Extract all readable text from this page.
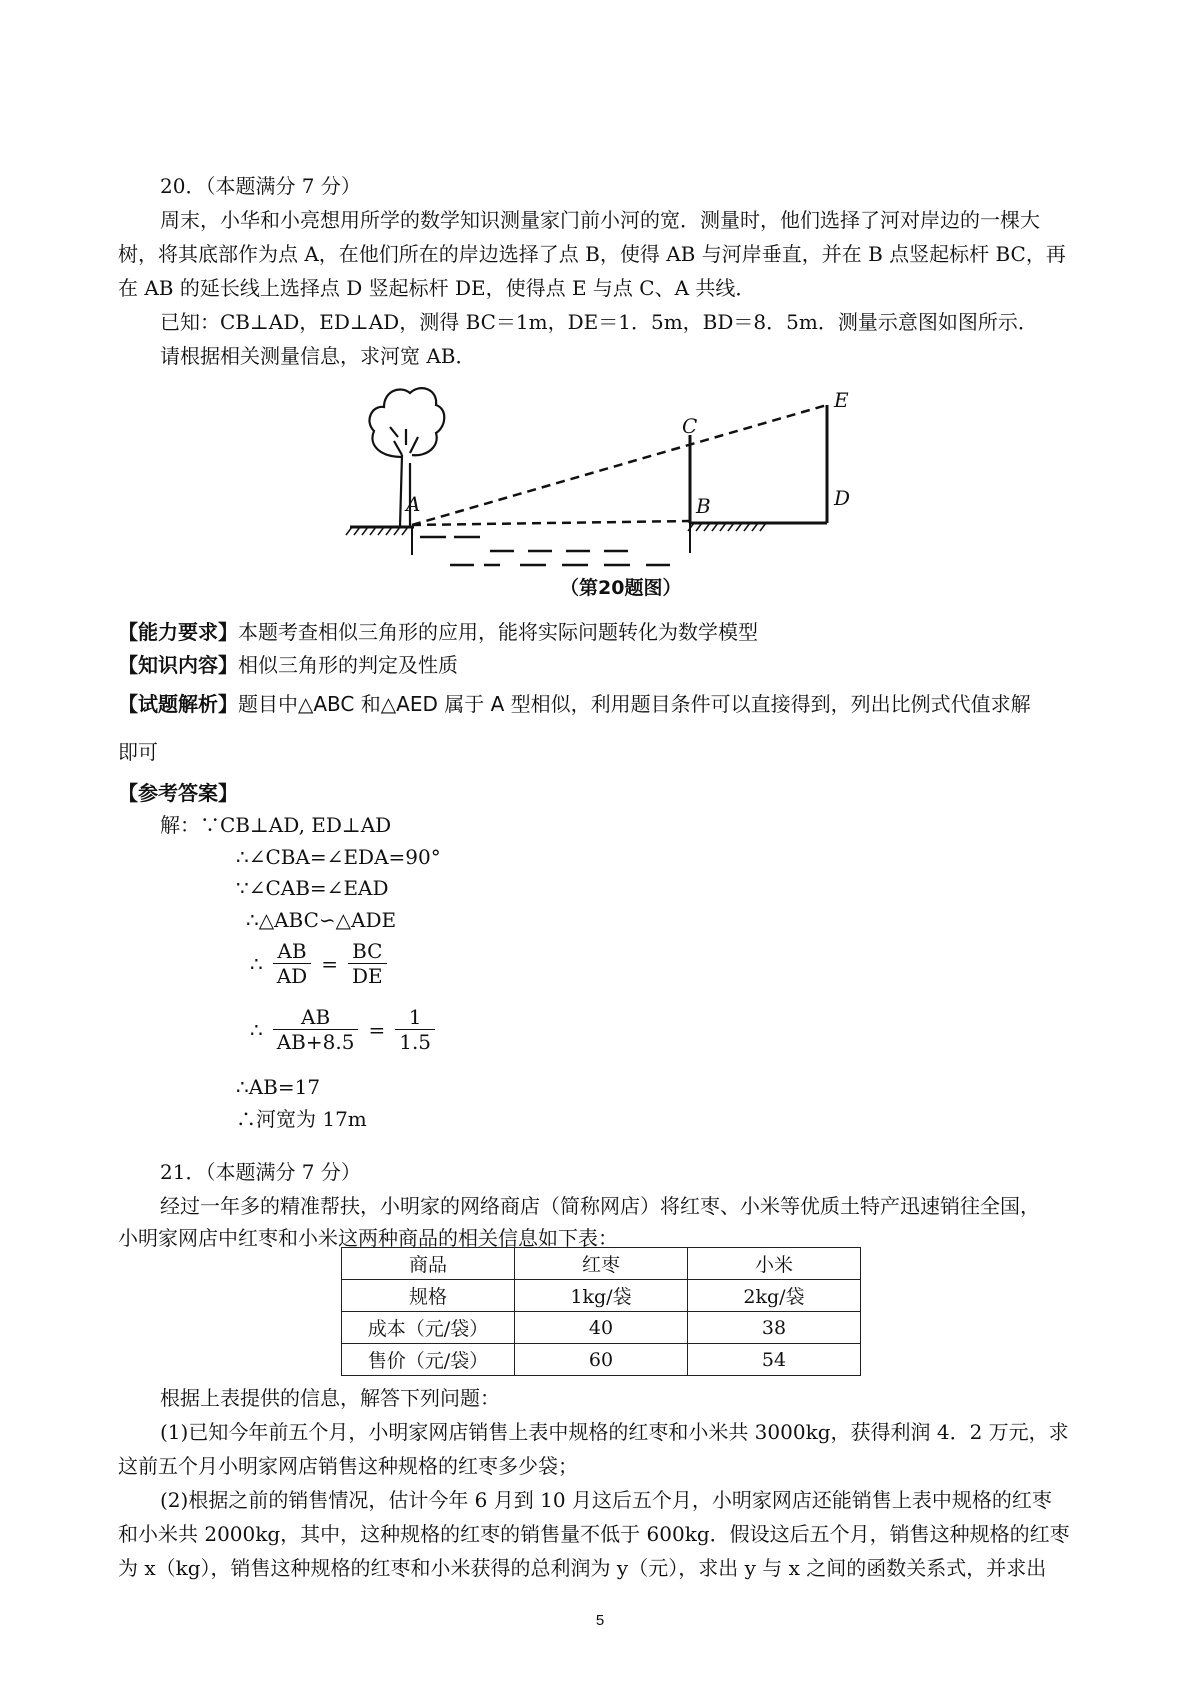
20．（本题满分 7 分）
周末，小华和小亮想用所学的数学知识测量家门前小河的宽．测量时，他们选择了河对岸边的一棵大
树，将其底部作为点 A，在他们所在的岸边选择了点 B，使得 AB 与河岸垂直，并在 B 点竖起标杆 BC，再
在 AB 的延长线上选择点 D 竖起标杆 DE，使得点 E 与点 C、A 共线．
已知：CB⊥AD，ED⊥AD，测得 BC＝1m，DE＝1．5m，BD＝8．5m．测量示意图如图所示．
请根据相关测量信息，求河宽 AB．
A	B
C
D
E
（第20题图）
【能力要求】本题考查相似三角形的应用，能将实际问题转化为数学模型
【知识内容】相似三角形的判定及性质
【试题解析】题目中△ABC 和△AED 属于 A 型相似，利用题目条件可以直接得到，列出比例式代值求解
即可
【参考答案】
解：∵CB⊥AD, ED⊥AD
∴∠CBA=∠EDA=90°
∵∠CAB=∠EAD
∴△ABC∽△ADE
∴ $\frac{AB}{AD} = \frac{BC}{DE}$
∴ $\frac{AB}{AB+8.5} = \frac{1}{1.5}$
∴AB=17
∴河宽为 17m
21．（本题满分 7 分）
经过一年多的精准帮扶，小明家的网络商店（简称网店）将红枣、小米等优质土特产迅速销往全国，
小明家网店中红枣和小米这两种商品的相关信息如下表：
商品	红枣	小米
规格	1kg/袋	2kg/袋
成本（元/袋）	40	38
售价（元/袋）	60	54
根据上表提供的信息，解答下列问题：
(1)已知今年前五个月，小明家网店销售上表中规格的红枣和小米共 3000kg，获得利润 4．2 万元，求
这前五个月小明家网店销售这种规格的红枣多少袋；
(2)根据之前的销售情况，估计今年 6 月到 10 月这后五个月，小明家网店还能销售上表中规格的红枣
和小米共 2000kg，其中，这种规格的红枣的销售量不低于 600kg．假设这后五个月，销售这种规格的红枣
为 x（kg），销售这种规格的红枣和小米获得的总利润为 y（元），求出 y 与 x 之间的函数关系式，并求出
5
